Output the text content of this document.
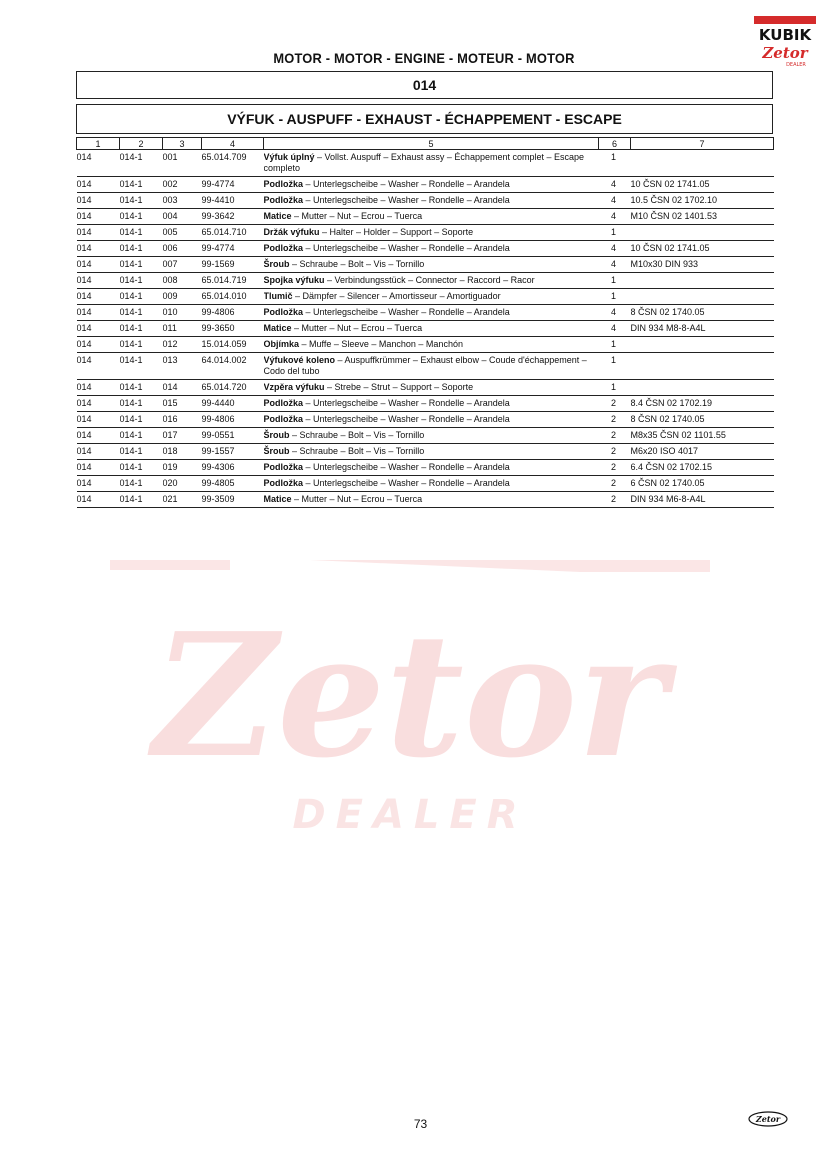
Zetor
DEALER
KUBIK
Zetor
DEALER
MOTOR - MOTOR - ENGINE - MOTEUR - MOTOR
014
VÝFUK - AUSPUFF - EXHAUST - ÉCHAPPEMENT - ESCAPE
1	2	3	4	5	6	7
014	014-1	001	65.014.709	Výfuk úplný – Vollst. Auspuff – Exhaust assy – Échappement complet – Escape completo	1	
014	014-1	002	99-4774	Podložka – Unterlegscheibe – Washer – Rondelle – Arandela	4	10 ČSN 02 1741.05
014	014-1	003	99-4410	Podložka – Unterlegscheibe – Washer – Rondelle – Arandela	4	10.5 ČSN 02 1702.10
014	014-1	004	99-3642	Matice – Mutter – Nut – Ecrou – Tuerca	4	M10 ČSN 02 1401.53
014	014-1	005	65.014.710	Držák výfuku – Halter – Holder – Support – Soporte	1	
014	014-1	006	99-4774	Podložka – Unterlegscheibe – Washer – Rondelle – Arandela	4	10 ČSN 02 1741.05
014	014-1	007	99-1569	Šroub – Schraube – Bolt – Vis – Tornillo	4	M10x30 DIN 933
014	014-1	008	65.014.719	Spojka výfuku – Verbindungsstück – Connector – Raccord – Racor	1	
014	014-1	009	65.014.010	Tlumič – Dämpfer – Silencer – Amortisseur – Amortiguador	1	
014	014-1	010	99-4806	Podložka – Unterlegscheibe – Washer – Rondelle – Arandela	4	8 ČSN 02 1740.05
014	014-1	011	99-3650	Matice – Mutter – Nut – Ecrou – Tuerca	4	DIN 934 M8-8-A4L
014	014-1	012	15.014.059	Objímka – Muffe – Sleeve – Manchon – Manchón	1	
014	014-1	013	64.014.002	Výfukové koleno – Auspuffkrümmer – Exhaust elbow – Coude d'échappement – Codo del tubo	1	
014	014-1	014	65.014.720	Vzpěra výfuku – Strebe – Strut – Support – Soporte	1	
014	014-1	015	99-4440	Podložka – Unterlegscheibe – Washer – Rondelle – Arandela	2	8.4 ČSN 02 1702.19
014	014-1	016	99-4806	Podložka – Unterlegscheibe – Washer – Rondelle – Arandela	2	8 ČSN 02 1740.05
014	014-1	017	99-0551	Šroub – Schraube – Bolt – Vis – Tornillo	2	M8x35 ČSN 02 1101.55
014	014-1	018	99-1557	Šroub – Schraube – Bolt – Vis – Tornillo	2	M6x20 ISO 4017
014	014-1	019	99-4306	Podložka – Unterlegscheibe – Washer – Rondelle – Arandela	2	6.4 ČSN 02 1702.15
014	014-1	020	99-4805	Podložka – Unterlegscheibe – Washer – Rondelle – Arandela	2	6 ČSN 02 1740.05
014	014-1	021	99-3509	Matice – Mutter – Nut – Ecrou – Tuerca	2	DIN 934 M6-8-A4L
73	Zetor
